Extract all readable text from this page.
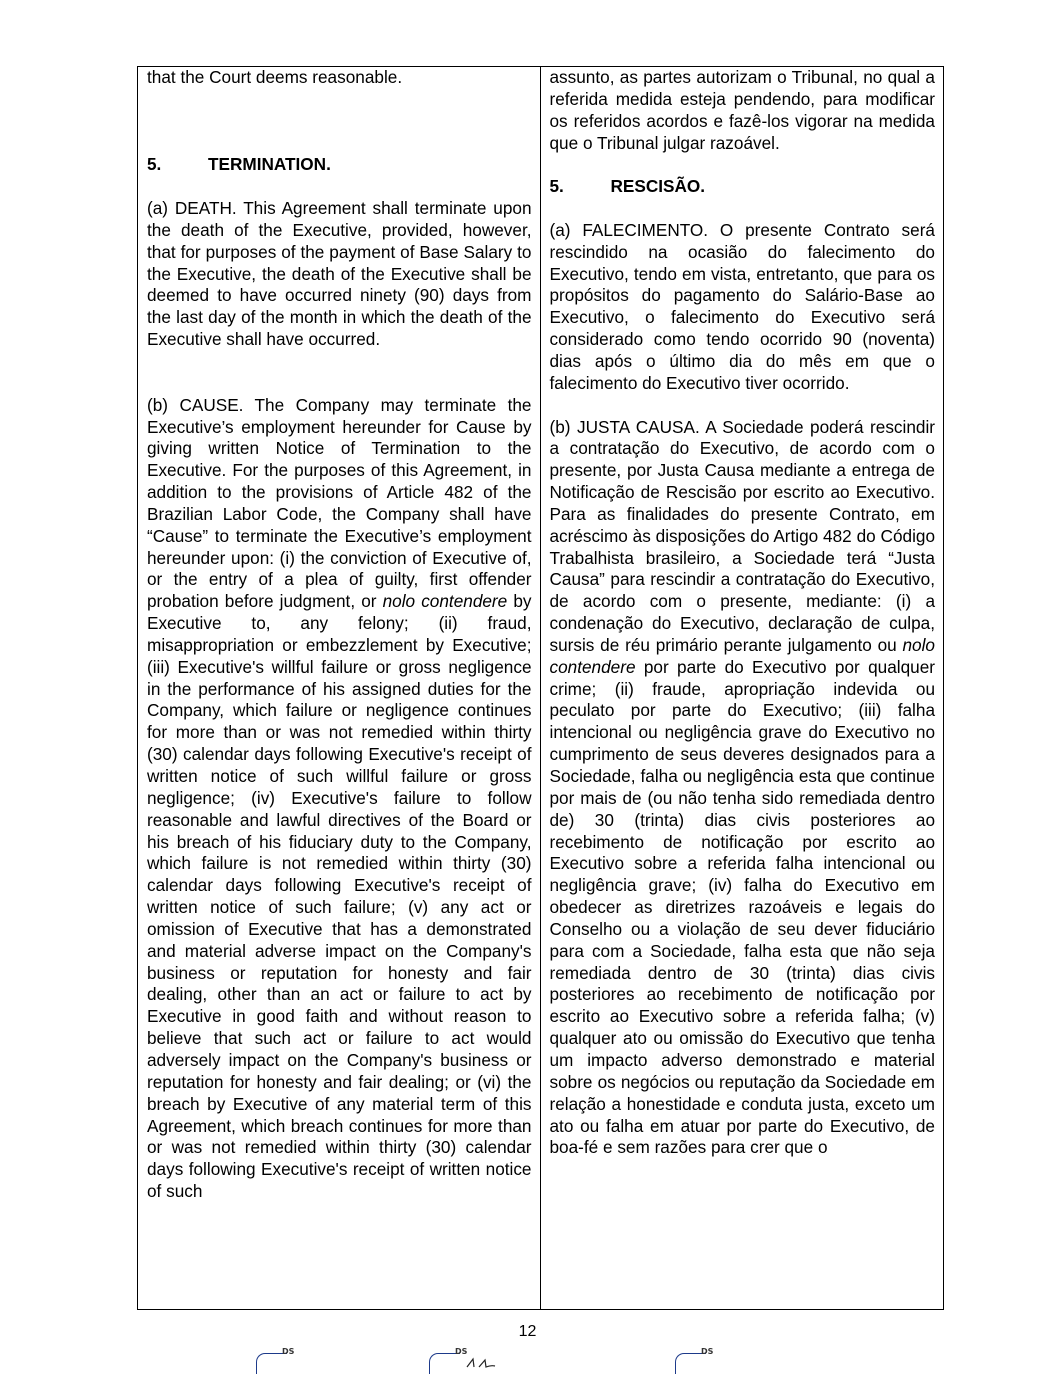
that the Court deems reasonable.

5.	TERMINATION.

(a) DEATH. This Agreement shall terminate upon the death of the Executive, provided, however, that for purposes of the payment of Base Salary to the Executive, the death of the Executive shall be deemed to have occurred ninety (90) days from the last day of the month in which the death of the Executive shall have occurred.

(b) CAUSE. The Company may terminate the Executive’s employment hereunder for Cause by giving written Notice of Termination to the Executive. For the purposes of this Agreement, in addition to the provisions of Article 482 of the Brazilian Labor Code, the Company shall have “Cause” to terminate the Executive’s employment hereunder upon: (i) the conviction of Executive of, or the entry of a plea of guilty, first offender probation before judgment, or nolo contendere by Executive to, any felony; (ii) fraud, misappropriation or embezzlement by Executive; (iii) Executive's willful failure or gross negligence in the performance of his assigned duties for the Company, which failure or negligence continues for more than or was not remedied within thirty (30) calendar days following Executive's receipt of written notice of such willful failure or gross negligence; (iv) Executive's failure to follow reasonable and lawful directives of the Board or his breach of his fiduciary duty to the Company, which failure is not remedied within thirty (30) calendar days following Executive's receipt of written notice of such failure; (v) any act or omission of Executive that has a demonstrated and material adverse impact on the Company's business or reputation for honesty and fair dealing, other than an act or failure to act by Executive in good faith and without reason to believe that such act or failure to act would adversely impact on the Company's business or reputation for honesty and fair dealing; or (vi) the breach by Executive of any material term of this Agreement, which breach continues for more than or was not remedied within thirty (30) calendar days following Executive's receipt of written notice of such

assunto, as partes autorizam o Tribunal, no qual a referida medida esteja pendendo, para modificar os referidos acordos e fazê-los vigorar na medida que o Tribunal julgar razoável.

5.	RESCISÃO.

(a) FALECIMENTO. O presente Contrato será rescindido na ocasião do falecimento do Executivo, tendo em vista, entretanto, que para os propósitos do pagamento do Salário-Base ao Executivo, o falecimento do Executivo será considerado como tendo ocorrido 90 (noventa) dias após o último dia do mês em que o falecimento do Executivo tiver ocorrido.

(b) JUSTA CAUSA. A Sociedade poderá rescindir a contratação do Executivo, de acordo com o presente, por Justa Causa mediante a entrega de Notificação de Rescisão por escrito ao Executivo. Para as finalidades do presente Contrato, em acréscimo às disposições do Artigo 482 do Código Trabalhista brasileiro, a Sociedade terá “Justa Causa” para rescindir a contratação do Executivo, de acordo com o presente, mediante: (i) a condenação do Executivo, declaração de culpa, sursis de réu primário perante julgamento ou nolo contendere por parte do Executivo por qualquer crime; (ii) fraude, apropriação indevida ou peculato por parte do Executivo; (iii) falha intencional ou negligência grave do Executivo no cumprimento de seus deveres designados para a Sociedade, falha ou negligência esta que continue por mais de (ou não tenha sido remediada dentro de) 30 (trinta) dias civis posteriores ao recebimento de notificação por escrito ao Executivo sobre a referida falha intencional ou negligência grave; (iv) falha do Executivo em obedecer as diretrizes razoáveis e legais do Conselho ou a violação de seu dever fiduciário para com a Sociedade, falha esta que não seja remediada dentro de 30 (trinta) dias civis posteriores ao recebimento de notificação por escrito ao Executivo sobre a referida falha; (v) qualquer ato ou omissão do Executivo que tenha um impacto adverso demonstrado e material sobre os negócios ou reputação da Sociedade em relação a honestidade e conduta justa, exceto um ato ou falha em atuar por parte do Executivo, de boa-fé e sem razões para crer que o

12
DS	DS	DS
